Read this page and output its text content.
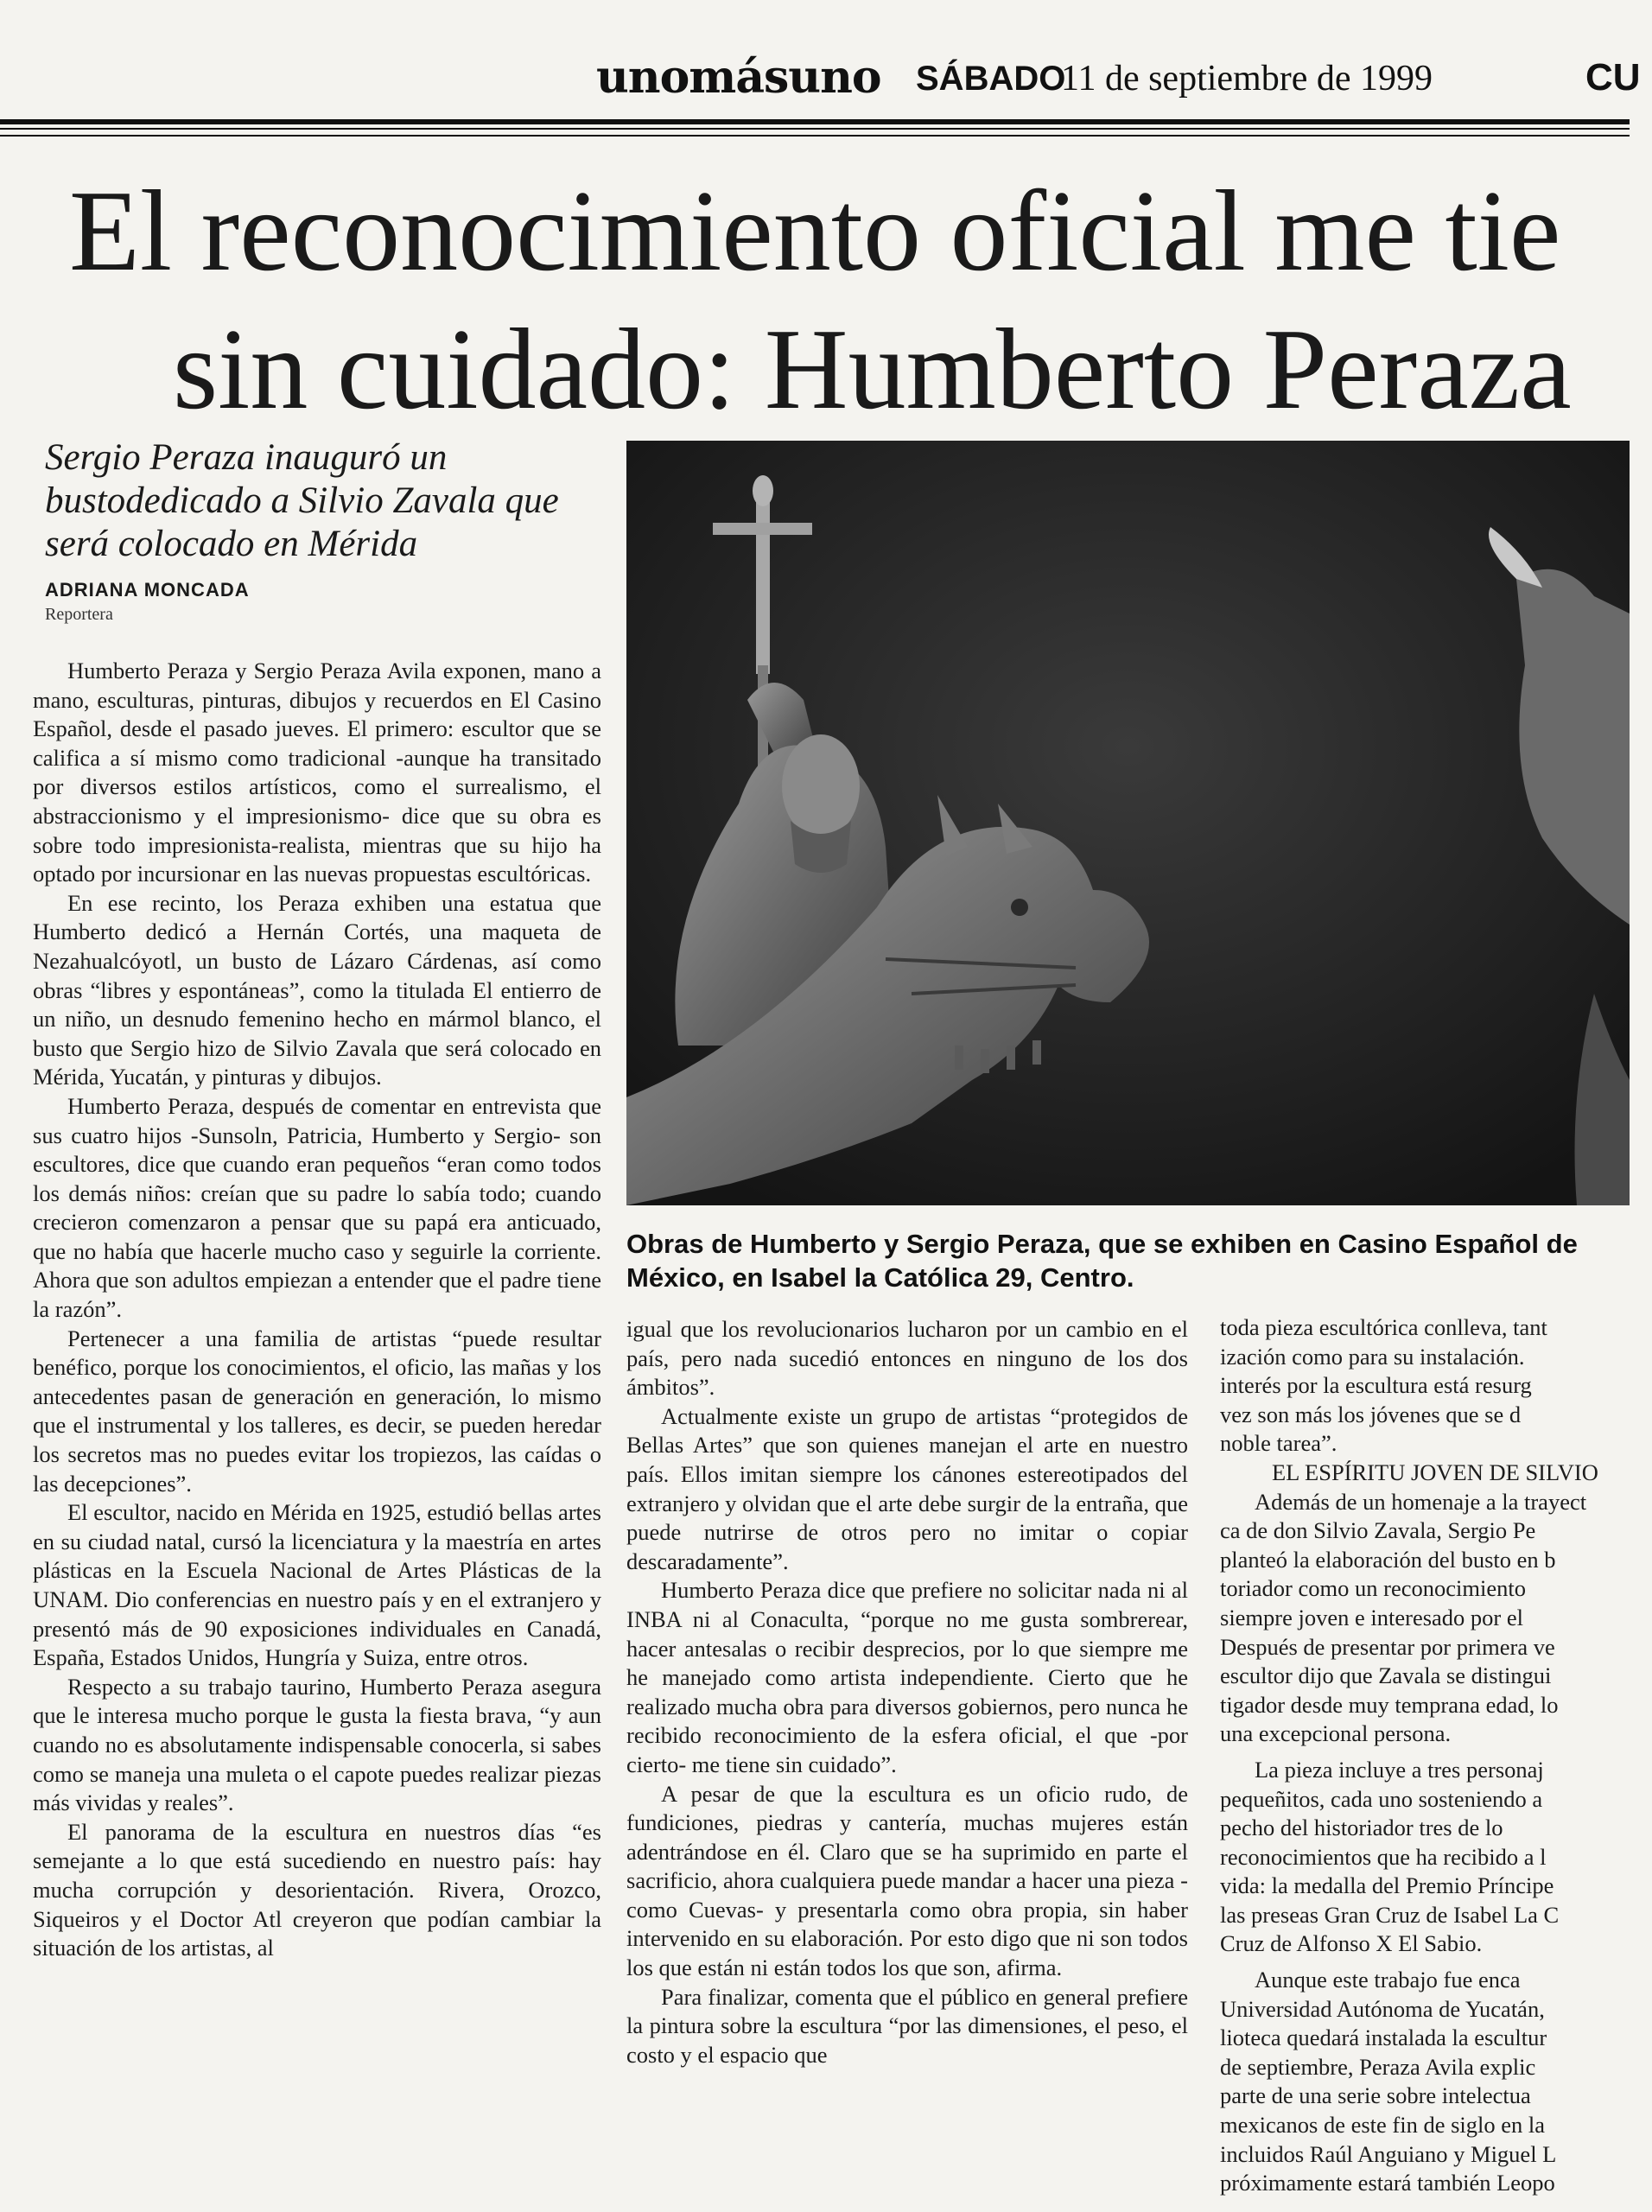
unomásuno SÁBADO
11 de septiembre de 1999	CU
El reconocimiento oficial me tie
sin cuidado: Humberto Peraza
Sergio Peraza inauguró un bustodedicado a Silvio Zavala que será colocado en Mérida
ADRIANA MONCADA
Reportera
Obras de Humberto y Sergio Peraza, que se exhiben en Casino Español de México, en Isabel la Católica 29, Centro.

Humberto Peraza y Sergio Peraza Avila exponen, mano a mano, esculturas, pinturas, dibujos y recuerdos en El Casino Español, desde el pasado jueves. El primero: escultor que se califica a sí mismo como tradicional -aunque ha transitado por diversos estilos artísticos, como el surrealismo, el abstraccionismo y el impresionismo- dice que su obra es sobre todo impresionista-realista, mientras que su hijo ha optado por incursionar en las nuevas propuestas escultóricas.

En ese recinto, los Peraza exhiben una estatua que Humberto dedicó a Hernán Cortés, una maqueta de Nezahualcóyotl, un busto de Lázaro Cárdenas, así como obras “libres y espontáneas”, como la titulada El entierro de un niño, un desnudo femenino hecho en mármol blanco, el busto que Sergio hizo de Silvio Zavala que será colocado en Mérida, Yucatán, y pinturas y dibujos.

Humberto Peraza, después de comentar en entrevista que sus cuatro hijos -Sunsoln, Patricia, Humberto y Sergio- son escultores, dice que cuando eran pequeños “eran como todos los demás niños: creían que su padre lo sabía todo; cuando crecieron comenzaron a pensar que su papá era anticuado, que no había que hacerle mucho caso y seguirle la corriente. Ahora que son adultos empiezan a entender que el padre tiene la razón”.

Pertenecer a una familia de artistas “puede resultar benéfico, porque los conocimientos, el oficio, las mañas y los antecedentes pasan de generación en generación, lo mismo que el instrumental y los talleres, es decir, se pueden heredar los secretos mas no puedes evitar los tropiezos, las caídas o las decepciones”.

El escultor, nacido en Mérida en 1925, estudió bellas artes en su ciudad natal, cursó la licenciatura y la maestría en artes plásticas en la Escuela Nacional de Artes Plásticas de la UNAM. Dio conferencias en nuestro país y en el extranjero y presentó más de 90 exposiciones individuales en Canadá, España, Estados Unidos, Hungría y Suiza, entre otros.

Respecto a su trabajo taurino, Humberto Peraza asegura que le interesa mucho porque le gusta la fiesta brava, “y aun cuando no es absolutamente indispensable conocerla, si sabes como se maneja una muleta o el capote puedes realizar piezas más vividas y reales”.

El panorama de la escultura en nuestros días “es semejante a lo que está sucediendo en nuestro país: hay mucha corrupción y desorientación. Rivera, Orozco, Siqueiros y el Doctor Atl creyeron que podían cambiar la situación de los artistas, al

igual que los revolucionarios lucharon por un cambio en el país, pero nada sucedió entonces en ninguno de los dos ámbitos”.

Actualmente existe un grupo de artistas “protegidos de Bellas Artes” que son quienes manejan el arte en nuestro país. Ellos imitan siempre los cánones estereotipados del extranjero y olvidan que el arte debe surgir de la entraña, que puede nutrirse de otros pero no imitar o copiar descaradamente”.

Humberto Peraza dice que prefiere no solicitar nada ni al INBA ni al Conaculta, “porque no me gusta sombrerear, hacer antesalas o recibir desprecios, por lo que siempre me he manejado como artista independiente. Cierto que he realizado mucha obra para diversos gobiernos, pero nunca he recibido reconocimiento de la esfera oficial, el que -por cierto- me tiene sin cuidado”.

A pesar de que la escultura es un oficio rudo, de fundiciones, piedras y cantería, muchas mujeres están adentrándose en él. Claro que se ha suprimido en parte el sacrificio, ahora cualquiera puede mandar a hacer una pieza -como Cuevas- y presentarla como obra propia, sin haber intervenido en su elaboración. Por esto digo que ni son todos los que están ni están todos los que son, afirma.

Para finalizar, comenta que el público en general prefiere la pintura sobre la escultura “por las dimensiones, el peso, el costo y el espacio que

toda pieza escultórica conlleva, tant
ización como para su instalación.
interés por la escultura está resurg
vez son más los jóvenes que se d
noble tarea”.
EL ESPÍRITU JOVEN DE SILVIO
Además de un homenaje a la trayect
ca de don Silvio Zavala, Sergio Pe
planteó la elaboración del busto en b
toriador como un reconocimiento
siempre joven e interesado por el
Después de presentar por primera ve
escultor dijo que Zavala se distingui
tigador desde muy temprana edad, lo
una excepcional persona.
La pieza incluye a tres personaj
pequeñitos, cada uno sosteniendo a
pecho del historiador tres de lo
reconocimientos que ha recibido a l
vida: la medalla del Premio Príncipe
las preseas Gran Cruz de Isabel La C
Cruz de Alfonso X El Sabio.
Aunque este trabajo fue enca
Universidad Autónoma de Yucatán,
lioteca quedará instalada la escultur
de septiembre, Peraza Avila explic
parte de una serie sobre intelectua
mexicanos de este fin de siglo en la
incluidos Raúl Anguiano y Miguel L
próximamente estará también Leopo
